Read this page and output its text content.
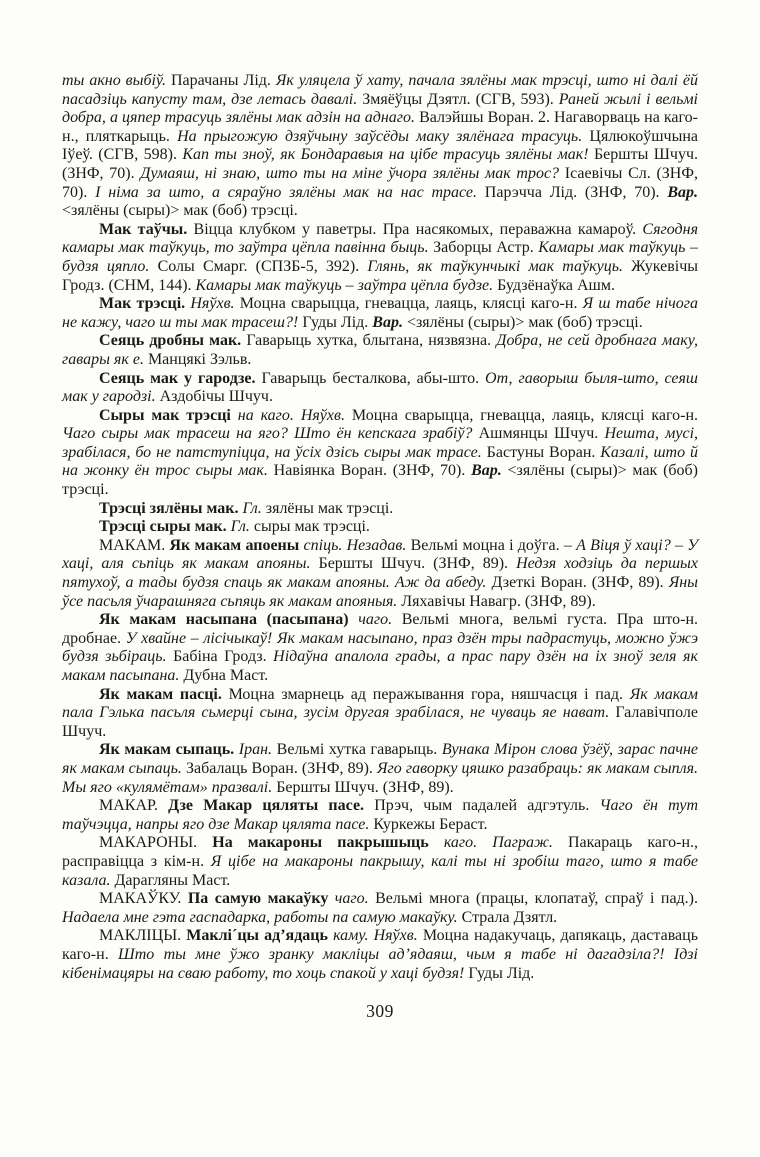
ты акно выбіў. Парачаны Лід. Як уляцела ў хату, пачала зялёны мак трэсці, што ні далі ёй пасадзіць капусту там, дзе летась давалі. Змяёўцы Дзятл. (СГВ, 593). Раней жылі і вельмі добра, а цяпер трасуць зялёны мак адзін на аднаго. Валэйшы Воран. 2. Нагаворваць на каго-н., пляткарыць. На прыгожую дзяўчыну заўсёды маку зялёнага трасуць. Цялюкоўшчына Іўеў. (СГВ, 598). Кап ты зноў, як Бондаравыя на цібе трасуць зялёны мак! Бершты Шчуч. (ЗНФ, 70). Думаяш, ні знаю, што ты на міне ўчора зялёны мак трос? Ісаевічы Сл. (ЗНФ, 70). І німа за што, а сяраўно зялёны мак на нас трасе. Парэчча Лід. (ЗНФ, 70). Вар. <зялёны (сыры)> мак (боб) трэсці.

Мак таўчы. Віцца клубком у паветры. Пра насякомых, пераважна камароў. Сягодня камары мак таўкуць, то заўтра цёпла павінна быць. Заборцы Астр. Камары мак таўкуць – будзя цяпло. Солы Смарг. (СПЗБ-5, 392). Глянь, як таўкунчыкі мак таўкуць. Жукевічы Гродз. (СНМ, 144). Камары мак таўкуць – заўтра цёпла будзе. Будзёнаўка Ашм.

Мак трэсці. Няўхв. Моцна сварыцца, гневацца, лаяць, клясці каго-н. Я ш табе нічога не кажу, чаго ш ты мак трасеш?! Гуды Лід. Вар. <зялёны (сыры)> мак (боб) трэсці.

Сеяць дробны мак. Гаварыць хутка, блытана, нязвязна. Добра, не сей дробнага маку, гавары як е. Манцякі Зэльв.

Сеяць мак у гародзе. Гаварыць бесталкова, абы-што. От, гаворыш быля-што, сеяш мак у гародзі. Аздобічы Шчуч.

Сыры мак трэсці на каго. Няўхв. Моцна сварыцца, гневацца, лаяць, клясці каго-н. Чаго сыры мак трасеш на яго? Што ён кепскага зрабіў? Ашмянцы Шчуч. Нешта, мусі, зрабілася, бо не патступіцца, на ўсіх дзісь сыры мак трасе. Бастуны Воран. Казалі, што й на жонку ён трос сыры мак. Навіянка Воран. (ЗНФ, 70). Вар. <зялёны (сыры)> мак (боб) трэсці.

Трэсці зялёны мак. Гл. зялёны мак трэсці.

Трэсці сыры мак. Гл. сыры мак трэсці.

МАКАМ. Як макам апоены спіць. Незадав. Вельмі моцна і доўга. – А Віця ў хаці? – У хаці, аля сьпіць як макам апояны. Бершты Шчуч. (ЗНФ, 89). Недзя ходзіць да першых пятухоў, а тады будзя спаць як макам апояны. Аж да абеду. Дзеткі Воран. (ЗНФ, 89). Яны ўсе пасьля ўчарашняга сьпяць як макам апояныя. Ляхавічы Навагр. (ЗНФ, 89).

Як макам насыпана (пасыпана) чаго. Вельмі многа, вельмі густа. Пра што-н. дробнае. У хвайне – лісічыкаў! Як макам насыпано, праз дзён тры падрастуць, можно ўжэ будзя зьбіраць. Бабіна Гродз. Нідаўна апалола грады, а прас пару дзён на іх зноў зеля як макам пасыпана. Дубна Маст.

Як макам пасці. Моцна змарнець ад перажывання гора, няшчасця і пад. Як макам пала Гэлька пасьля сьмерці сына, зусім другая зрабілася, не чуваць яе нават. Галавічполе Шчуч.

Як макам сыпаць. Іран. Вельмі хутка гаварыць. Вунака Мірон слова ўзёў, зарас пачне як макам сыпаць. Забалаць Воран. (ЗНФ, 89). Яго гаворку цяшко разабраць: як макам сыпля. Мы яго «кулямётам» празвалі. Бершты Шчуч. (ЗНФ, 89).

МАКАР. Дзе Макар цяляты пасе. Прэч, чым падалей адгэтуль. Чаго ён тут таўчэцца, напры яго дзе Макар цялята пасе. Куркежы Бераст.

МАКАРОНЫ. На макароны пакрышыць каго. Паграж. Пакараць каго-н., расправіцца з кім-н. Я цібе на макароны пакрышу, калі ты ні зробіш таго, што я табе казала. Дарагляны Маст.

МАКАЎКУ. Па самую макаўку чаго. Вельмі многа (працы, клопатаў, спраў і пад.). Надаела мне гэта гаспадарка, работы па самую макаўку. Страла Дзятл.

МАКЛІЦЫ. Маклі´цы ад’ядаць каму. Няўхв. Моцна надакучаць, дапякаць, даставаць каго-н. Што ты мне ўжо зранку макліцы ад’ядаяш, чым я табе ні дагадзіла?! Ідзі кібенімацяры на сваю работу, то хоць спакой у хаці будзя! Гуды Лід.

309
